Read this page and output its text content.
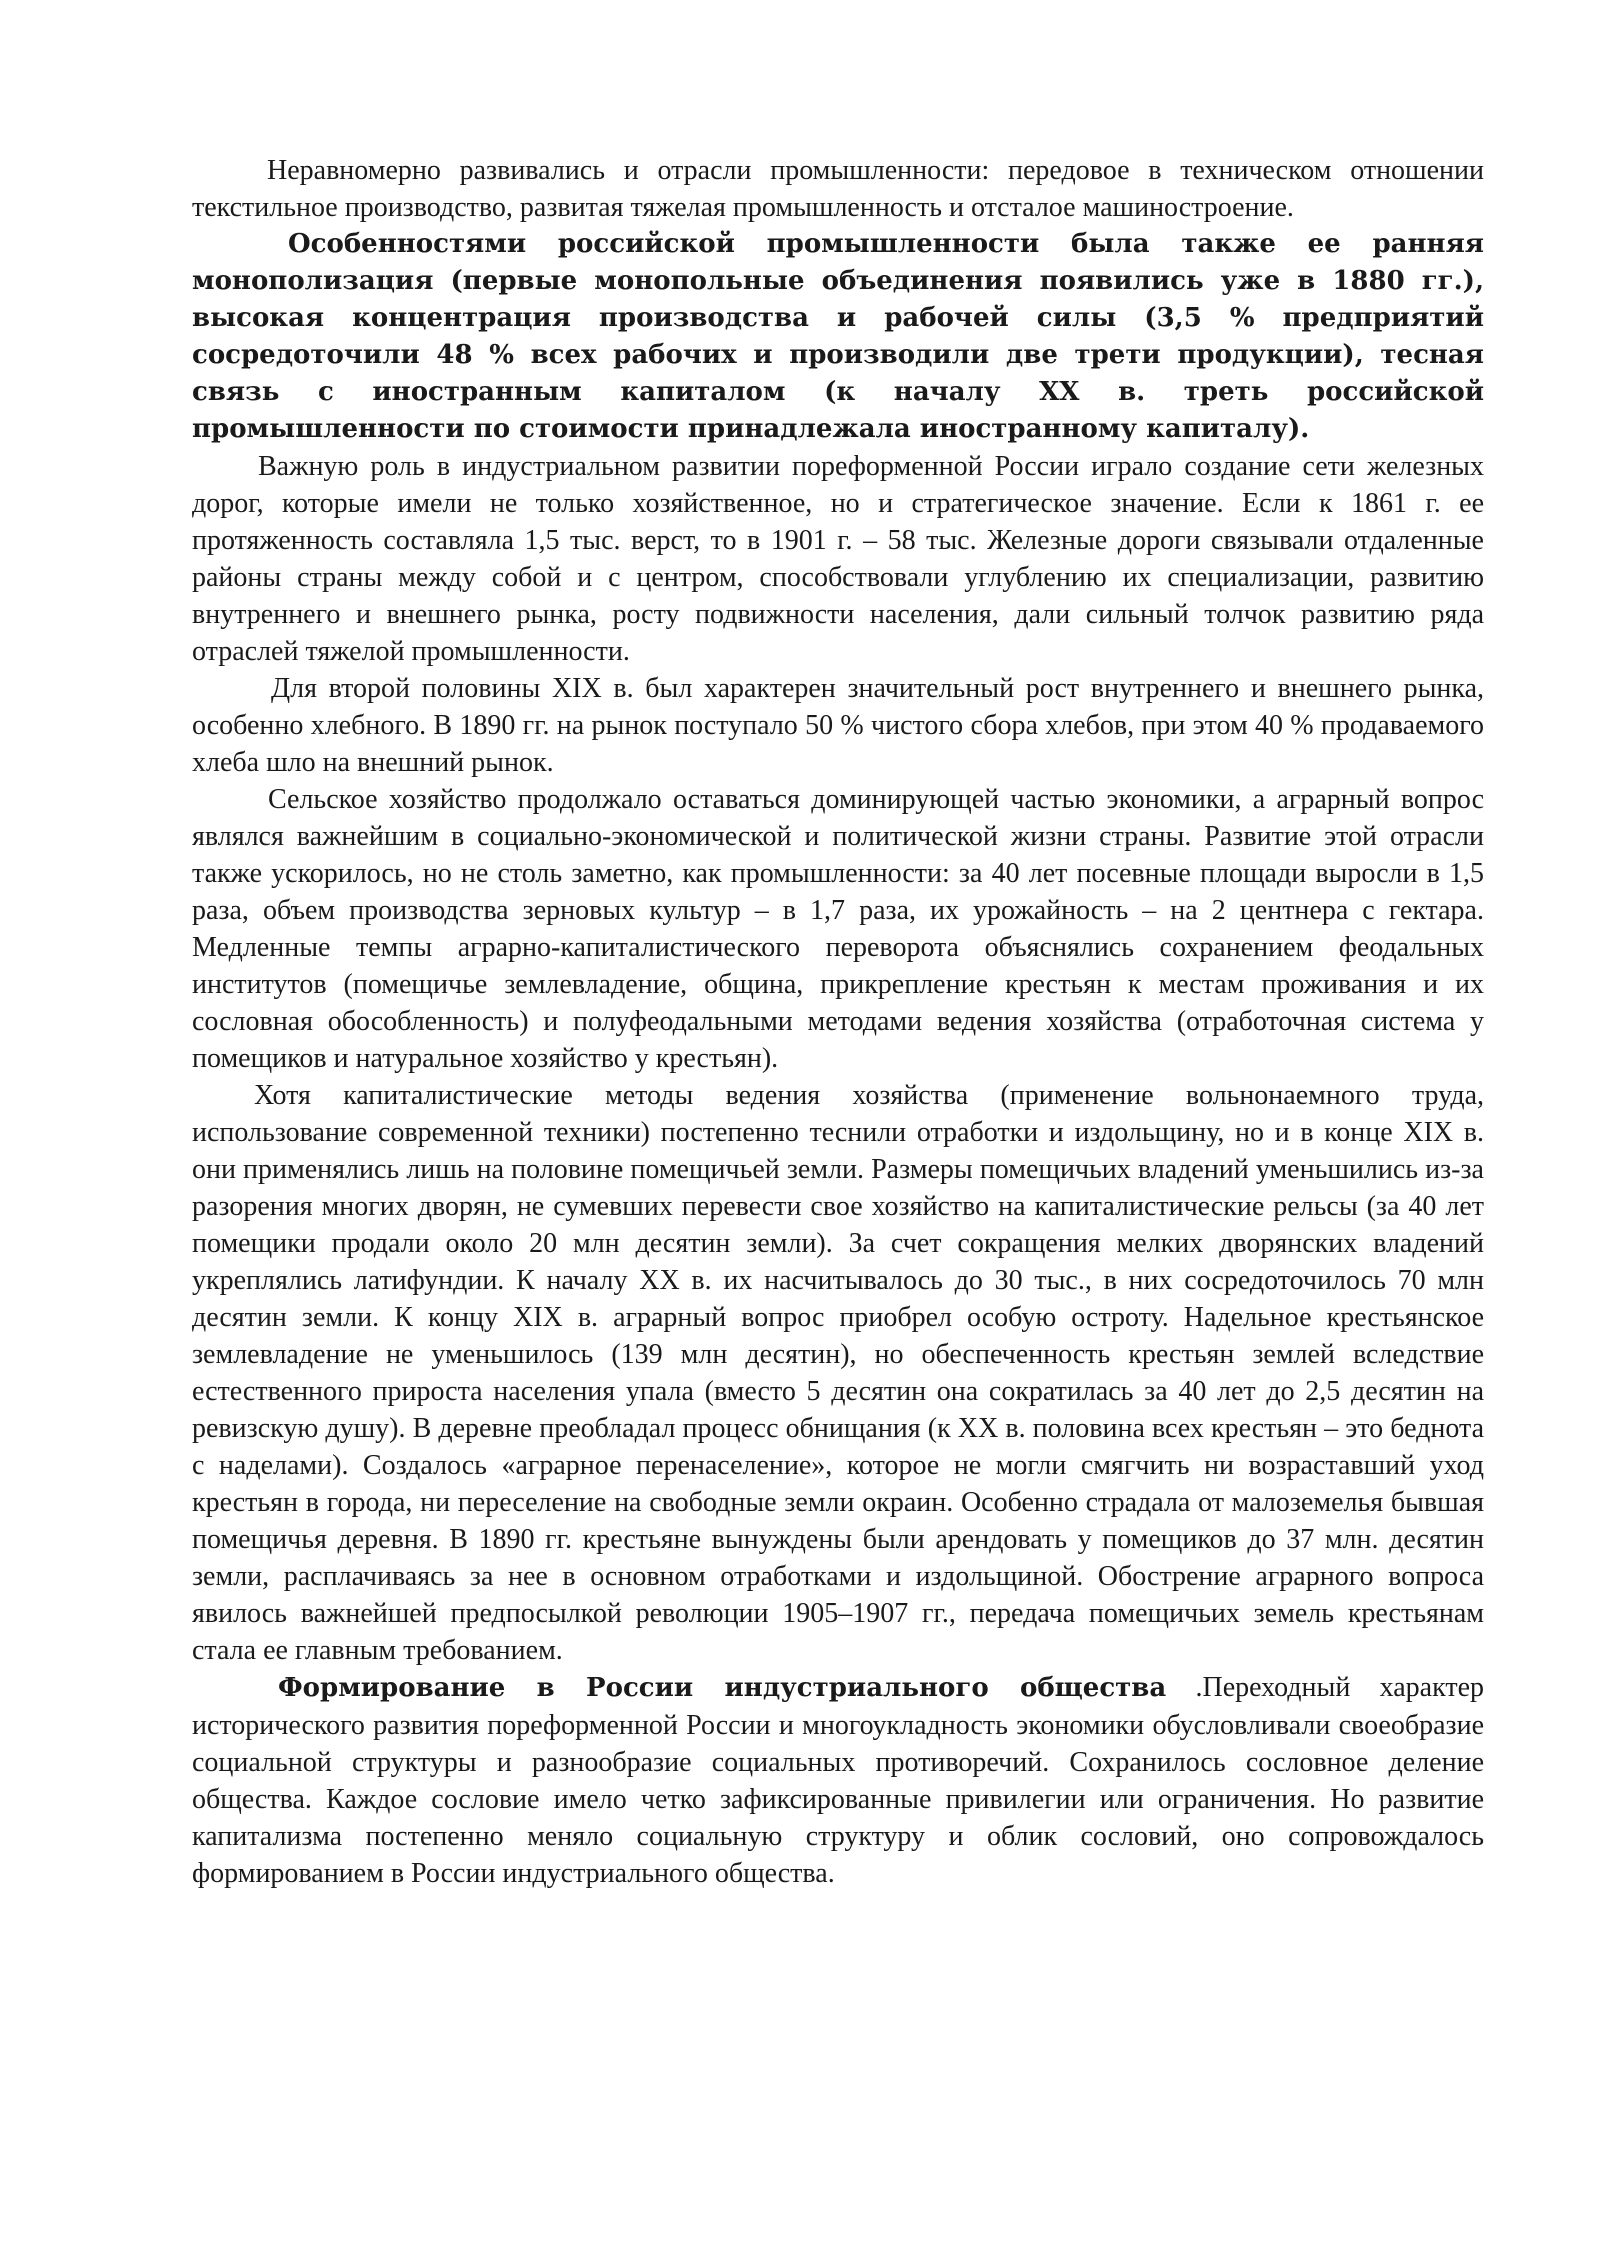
Неравномерно развивались и отрасли промышленности: передовое в техническом отношении текстильное производство, развитая тяжелая промышленность и отсталое машиностроение.

Особенностями российской промышленности была также ее ранняя монополизация (первые монопольные объединения появились уже в 1880 гг.), высокая концентрация производства и рабочей силы (3,5 % предприятий сосредоточили 48 % всех рабочих и производили две трети продукции), тесная связь с иностранным капиталом (к началу XX в. треть российской промышленности по стоимости принадлежала иностранному капиталу).

Важную роль в индустриальном развитии пореформенной России играло создание сети железных дорог, которые имели не только хозяйственное, но и стратегическое значение. Если к 1861 г. ее протяженность составляла 1,5 тыс. верст, то в 1901 г. – 58 тыс. Железные дороги связывали отдаленные районы страны между собой и с центром, способствовали углублению их специализации, развитию внутреннего и внешнего рынка, росту подвижности населения, дали сильный толчок развитию ряда отраслей тяжелой промышленности.

Для второй половины XIX в. был характерен значительный рост внутреннего и внешнего рынка, особенно хлебного. В 1890 гг. на рынок поступало 50 % чистого сбора хлебов, при этом 40 % продаваемого хлеба шло на внешний рынок.

Сельское хозяйство продолжало оставаться доминирующей частью экономики, а аграрный вопрос являлся важнейшим в социально-экономической и политической жизни страны. Развитие этой отрасли также ускорилось, но не столь заметно, как промышленности: за 40 лет посевные площади выросли в 1,5 раза, объем производства зерновых культур – в 1,7 раза, их урожайность – на 2 центнера с гектара. Медленные темпы аграрно-капиталистического переворота объяснялись сохранением феодальных институтов (помещичье землевладение, община, прикрепление крестьян к местам проживания и их сословная обособленность) и полуфеодальными методами ведения хозяйства (отработочная система у помещиков и натуральное хозяйство у крестьян).

Хотя капиталистические методы ведения хозяйства (применение вольнонаемного труда, использование современной техники) постепенно теснили отработки и издольщину, но и в конце XIX в. они применялись лишь на половине помещичьей земли. Размеры помещичьих владений уменьшились из-за разорения многих дворян, не сумевших перевести свое хозяйство на капиталистические рельсы (за 40 лет помещики продали около 20 млн десятин земли). За счет сокращения мелких дворянских владений укреплялись латифундии. К началу XX в. их насчитывалось до 30 тыс., в них сосредоточилось 70 млн десятин земли. К концу XIX в. аграрный вопрос приобрел особую остроту. Надельное крестьянское землевладение не уменьшилось (139 млн десятин), но обеспеченность крестьян землей вследствие естественного прироста населения упала (вместо 5 десятин она сократилась за 40 лет до 2,5 десятин на ревизскую душу). В деревне преобладал процесс обнищания (к XX в. половина всех крестьян – это беднота с наделами). Создалось «аграрное перенаселение», которое не могли смягчить ни возраставший уход крестьян в города, ни переселение на свободные земли окраин. Особенно страдала от малоземелья бывшая помещичья деревня. В 1890 гг. крестьяне вынуждены были арендовать у помещиков до 37 млн. десятин земли, расплачиваясь за нее в основном отработками и издольщиной. Обострение аграрного вопроса явилось важнейшей предпосылкой революции 1905–1907 гг., передача помещичьих земель крестьянам стала ее главным требованием.

Формирование в России индустриального общества .Переходный характер исторического развития пореформенной России и многоукладность экономики обусловливали своеобразие социальной структуры и разнообразие социальных противоречий. Сохранилось сословное деление общества. Каждое сословие имело четко зафиксированные привилегии или ограничения. Но развитие капитализма постепенно меняло социальную структуру и облик сословий, оно сопровождалось формированием в России индустриального общества.
